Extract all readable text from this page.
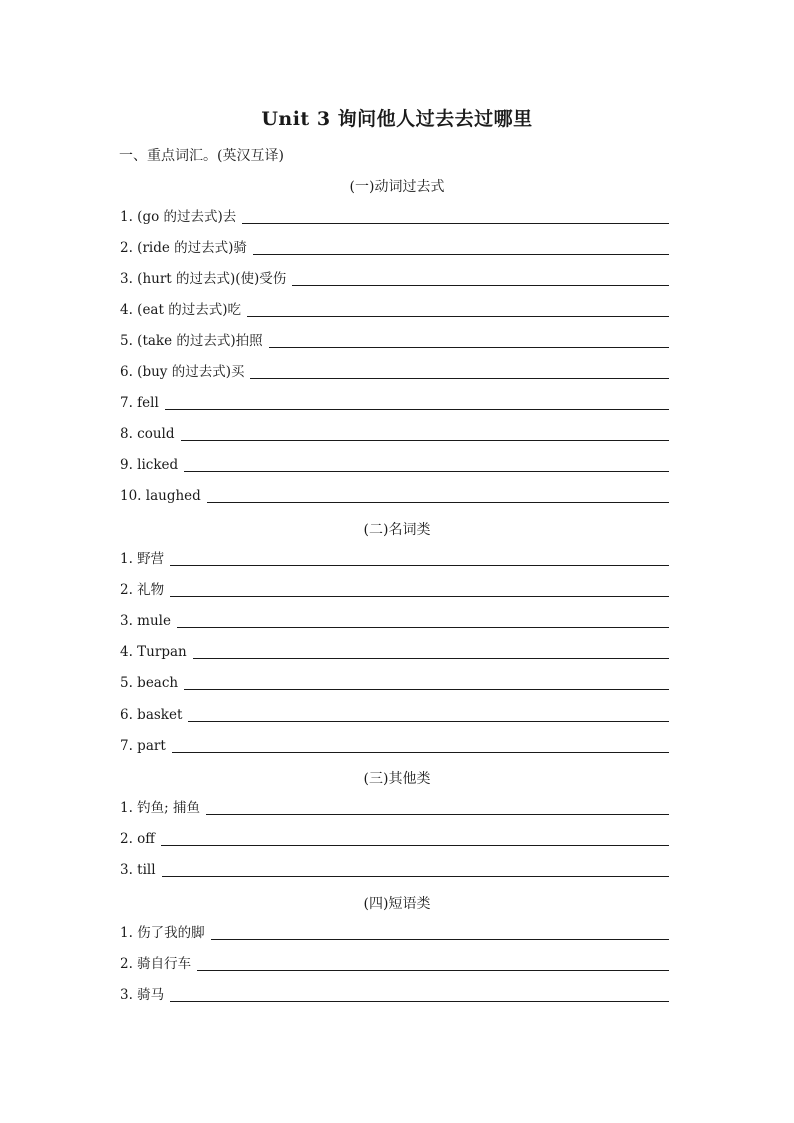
Unit 3 询问他人过去去过哪里
一、重点词汇。(英汉互译)
(一)动词过去式
1. (go 的过去式)去
2. (ride 的过去式)骑
3. (hurt 的过去式)(使)受伤
4. (eat 的过去式)吃
5. (take 的过去式)拍照
6. (buy 的过去式)买
7. fell
8. could
9. licked
10. laughed
(二)名词类
1. 野营
2. 礼物
3. mule
4. Turpan
5. beach
6. basket
7. part
(三)其他类
1. 钓鱼; 捕鱼
2. off
3. till
(四)短语类
1. 伤了我的脚
2. 骑自行车
3. 骑马
